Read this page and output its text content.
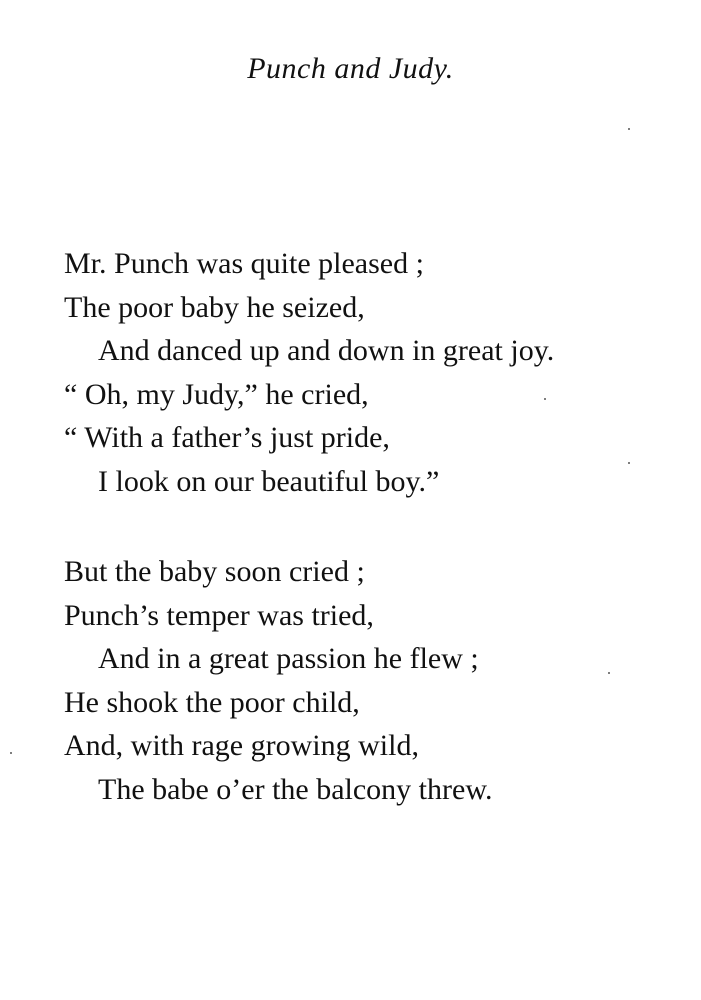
Punch and Judy.
Mr. Punch was quite pleased ;
The poor baby he seized,
And danced up and down in great joy.
“ Oh, my Judy,” he cried,
“ With a father’s just pride,
I look on our beautiful boy.”
But the baby soon cried ;
Punch’s temper was tried,
And in a great passion he flew ;
He shook the poor child,
And, with rage growing wild,
The babe o’er the balcony threw.
